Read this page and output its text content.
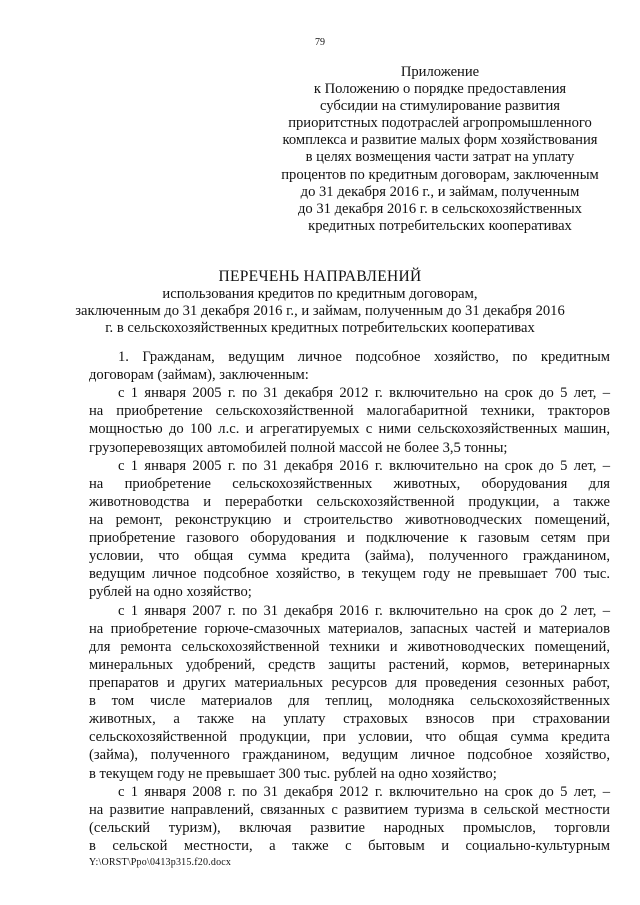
79
Приложение
к Положению о порядке предоставления
субсидии на стимулирование развития
приоритстных подотраслей агропромышленного
комплекса и развитие малых форм хозяйствования
в целях возмещения части затрат на уплату
процентов по кредитным договорам, заключенным
до 31 декабря 2016 г., и займам, полученным
до 31 декабря 2016 г. в сельскохозяйственных
кредитных потребительских кооперативах
ПЕРЕЧЕНЬ НАПРАВЛЕНИЙ
использования кредитов по кредитным договорам,
заключенным до 31 декабря 2016 г., и займам, полученным до 31 декабря 2016
г. в сельскохозяйственных кредитных потребительских кооперативах
1. Гражданам, ведущим личное подсобное хозяйство, по кредитным
договорам (займам), заключенным:
с 1 января 2005 г. по 31 декабря 2012 г. включительно на срок до 5 лет, –
на приобретение сельскохозяйственной малогабаритной техники, тракторов
мощностью до 100 л.с. и агрегатируемых с ними сельскохозяйственных машин,
грузоперевозящих автомобилей полной массой не более 3,5 тонны;
с 1 января 2005 г. по 31 декабря 2016 г. включительно на срок до 5 лет, –
на приобретение сельскохозяйственных животных, оборудования для
животноводства и переработки сельскохозяйственной продукции, а также
на ремонт, реконструкцию и строительство животноводческих помещений,
приобретение газового оборудования и подключение к газовым сетям при
условии, что общая сумма кредита (займа), полученного гражданином,
ведущим личное подсобное хозяйство, в текущем году не превышает 700 тыс.
рублей на одно хозяйство;
с 1 января 2007 г. по 31 декабря 2016 г. включительно на срок до 2 лет, –
на приобретение горюче-смазочных материалов, запасных частей и материалов
для ремонта сельскохозяйственной техники и животноводческих помещений,
минеральных удобрений, средств защиты растений, кормов, ветеринарных
препаратов и других материальных ресурсов для проведения сезонных работ,
в том числе материалов для теплиц, молодняка сельскохозяйственных
животных, а также на уплату страховых взносов при страховании
сельскохозяйственной продукции, при условии, что общая сумма кредита
(займа), полученного гражданином, ведущим личное подсобное хозяйство,
в текущем году не превышает 300 тыс. рублей на одно хозяйство;
с 1 января 2008 г. по 31 декабря 2012 г. включительно на срок до 5 лет, –
на развитие направлений, связанных с развитием туризма в сельской местности
(сельский туризм), включая развитие народных промыслов, торговли
в сельской местности, а также с бытовым и социально-культурным
Y:\ORST\Ppo\0413p315.f20.docx
